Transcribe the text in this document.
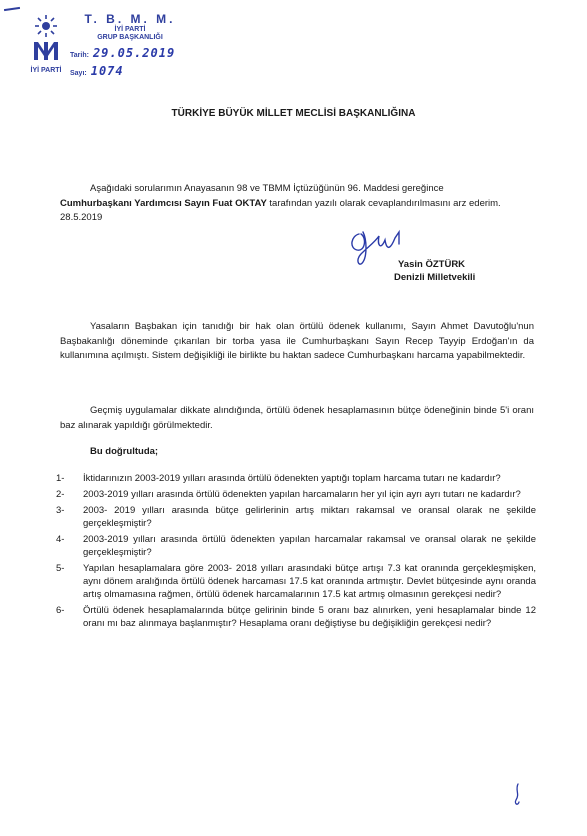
İYİ PARTİ
T. B. M. M.
İYİ PARTİ
GRUP BAŞKANLIĞI
Tarih: 29.05.2019
Sayı: 1074
TÜRKİYE BÜYÜK MİLLET MECLİSİ BAŞKANLIĞINA
Aşağıdaki sorularımın Anayasanın 98 ve TBMM İçtüzüğünün 96. Maddesi gereğince
Cumhurbaşkanı Yardımcısı Sayın Fuat OKTAY tarafından yazılı olarak cevaplandırılmasını arz ederim.
28.5.2019
Yasin ÖZTÜRK
Denizli Milletvekili
Yasaların Başbakan için tanıdığı bir hak olan örtülü ödenek kullanımı, Sayın Ahmet Davutoğlu'nun Başbakanlığı döneminde çıkarılan bir torba yasa ile Cumhurbaşkanı Sayın Recep Tayyip Erdoğan'ın da kullanımına açılmıştı. Sistem değişikliği ile birlikte bu haktan sadece Cumhurbaşkanı harcama yapabilmektedir.
Geçmiş uygulamalar dikkate alındığında, örtülü ödenek hesaplamasının bütçe ödeneğinin binde 5'i oranı baz alınarak yapıldığı görülmektedir.
Bu doğrultuda;
1-	İktidarınızın 2003-2019 yılları arasında örtülü ödenekten yaptığı toplam harcama tutarı ne kadardır?
2-	2003-2019 yılları arasında örtülü ödenekten yapılan harcamaların her yıl için ayrı ayrı tutarı ne kadardır?
3-	2003- 2019 yılları arasında bütçe gelirlerinin artış miktarı rakamsal ve oransal olarak ne şekilde gerçekleşmiştir?
4-	2003-2019 yılları arasında örtülü ödenekten yapılan harcamalar rakamsal ve oransal olarak ne şekilde gerçekleşmiştir?
5-	Yapılan hesaplamalara göre 2003- 2018 yılları arasındaki bütçe artışı 7.3 kat oranında gerçekleşmişken, aynı dönem aralığında örtülü ödenek harcaması 17.5 kat oranında artmıştır. Devlet bütçesinde aynı oranda artış olmamasına rağmen, örtülü ödenek harcamalarının 17.5 kat artmış olmasının gerekçesi nedir?
6-	Örtülü ödenek hesaplamalarında bütçe gelirinin binde 5 oranı baz alınırken, yeni hesaplamalar binde 12 oranı mı baz alınmaya başlanmıştır? Hesaplama oranı değiştiyse bu değişikliğin gerekçesi nedir?
